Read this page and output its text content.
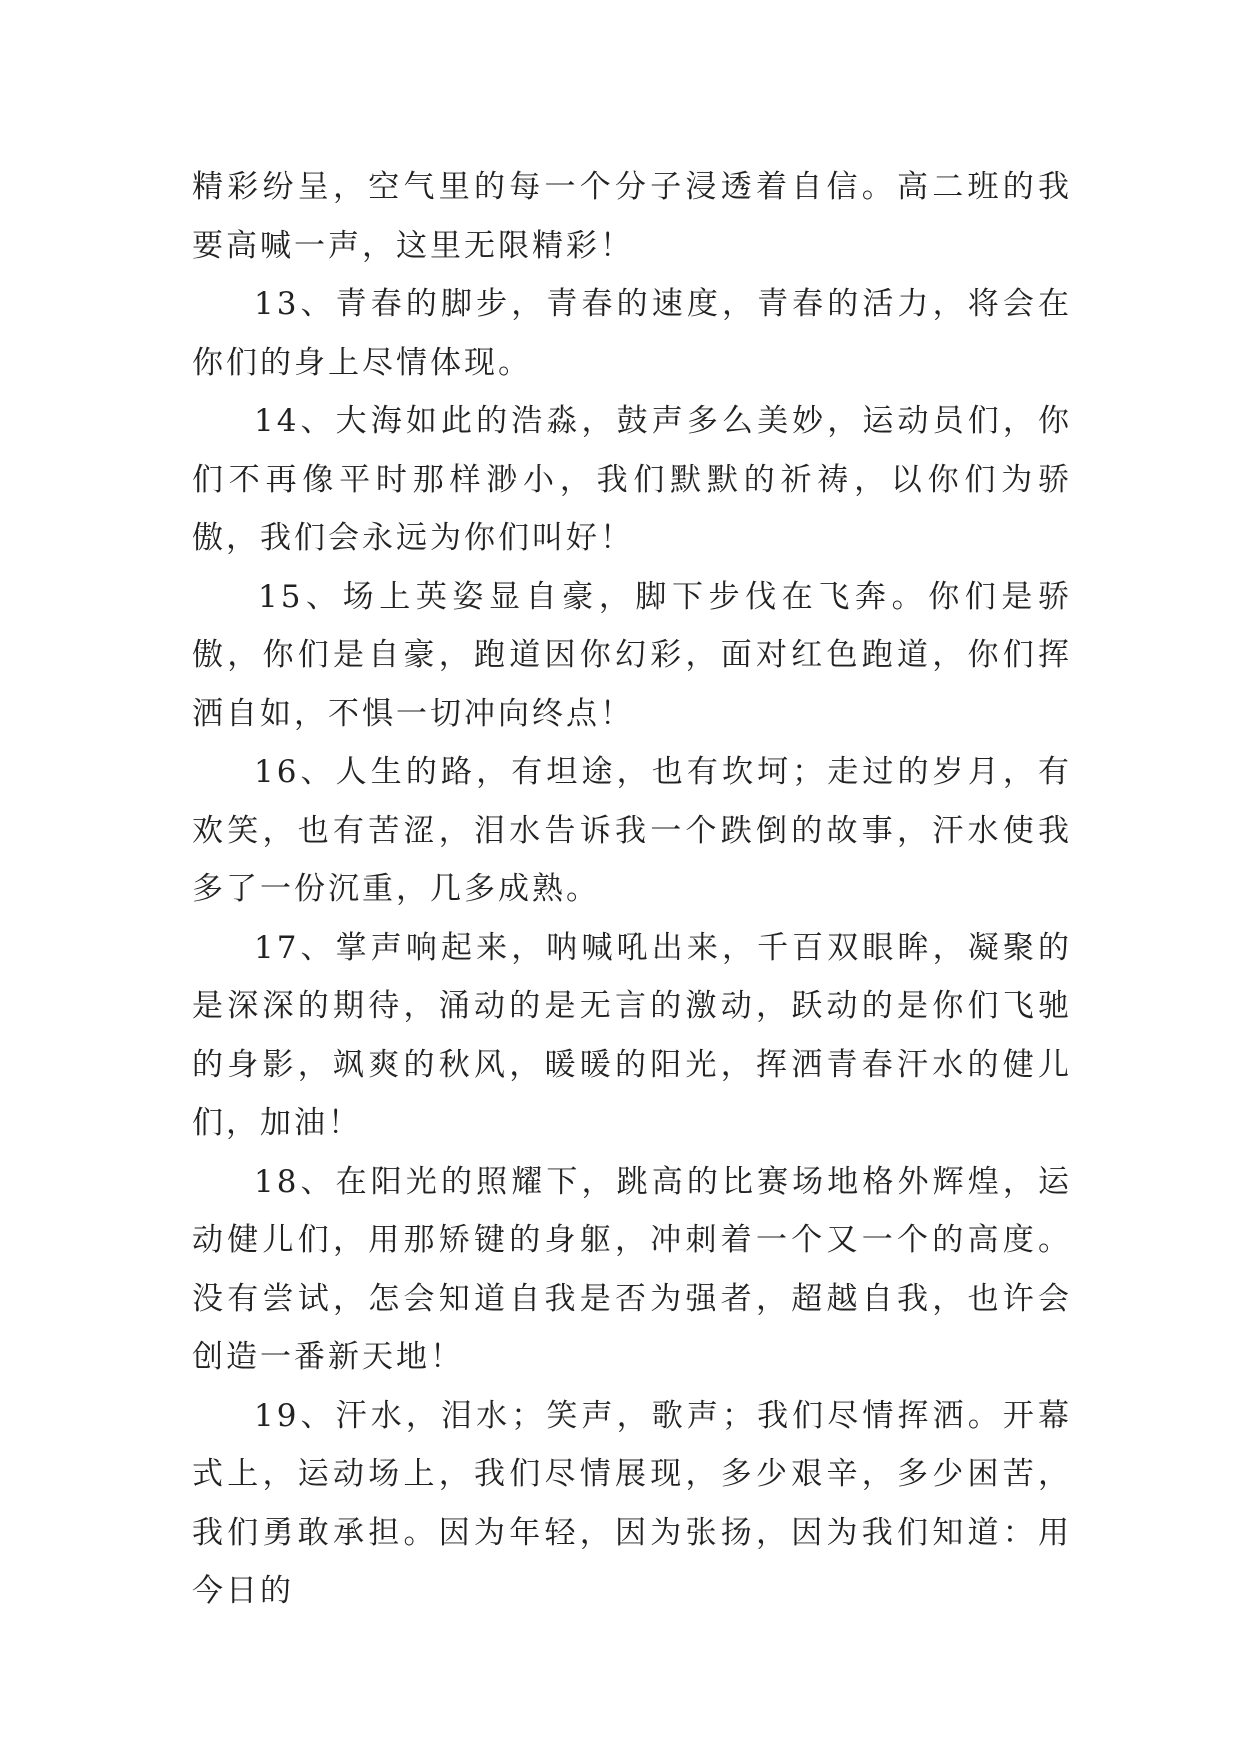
精彩纷呈，空气里的每一个分子浸透着自信。高二班的我要高喊一声，这里无限精彩！

13、青春的脚步，青春的速度，青春的活力，将会在你们的身上尽情体现。

14、大海如此的浩淼，鼓声多么美妙，运动员们，你们不再像平时那样渺小，我们默默的祈祷，以你们为骄傲，我们会永远为你们叫好！

15、场上英姿显自豪，脚下步伐在飞奔。你们是骄傲，你们是自豪，跑道因你幻彩，面对红色跑道，你们挥洒自如，不惧一切冲向终点！

16、人生的路，有坦途，也有坎坷；走过的岁月，有欢笑，也有苦涩，泪水告诉我一个跌倒的故事，汗水使我多了一份沉重，几多成熟。

17、掌声响起来，呐喊吼出来，千百双眼眸，凝聚的是深深的期待，涌动的是无言的激动，跃动的是你们飞驰的身影，飒爽的秋风，暖暖的阳光，挥洒青春汗水的健儿们，加油！

18、在阳光的照耀下，跳高的比赛场地格外辉煌，运动健儿们，用那矫键的身躯，冲刺着一个又一个的高度。没有尝试，怎会知道自我是否为强者，超越自我，也许会创造一番新天地！

19、汗水，泪水；笑声，歌声；我们尽情挥洒。开幕式上，运动场上，我们尽情展现，多少艰辛，多少困苦，我们勇敢承担。因为年轻，因为张扬，因为我们知道：用今日的
